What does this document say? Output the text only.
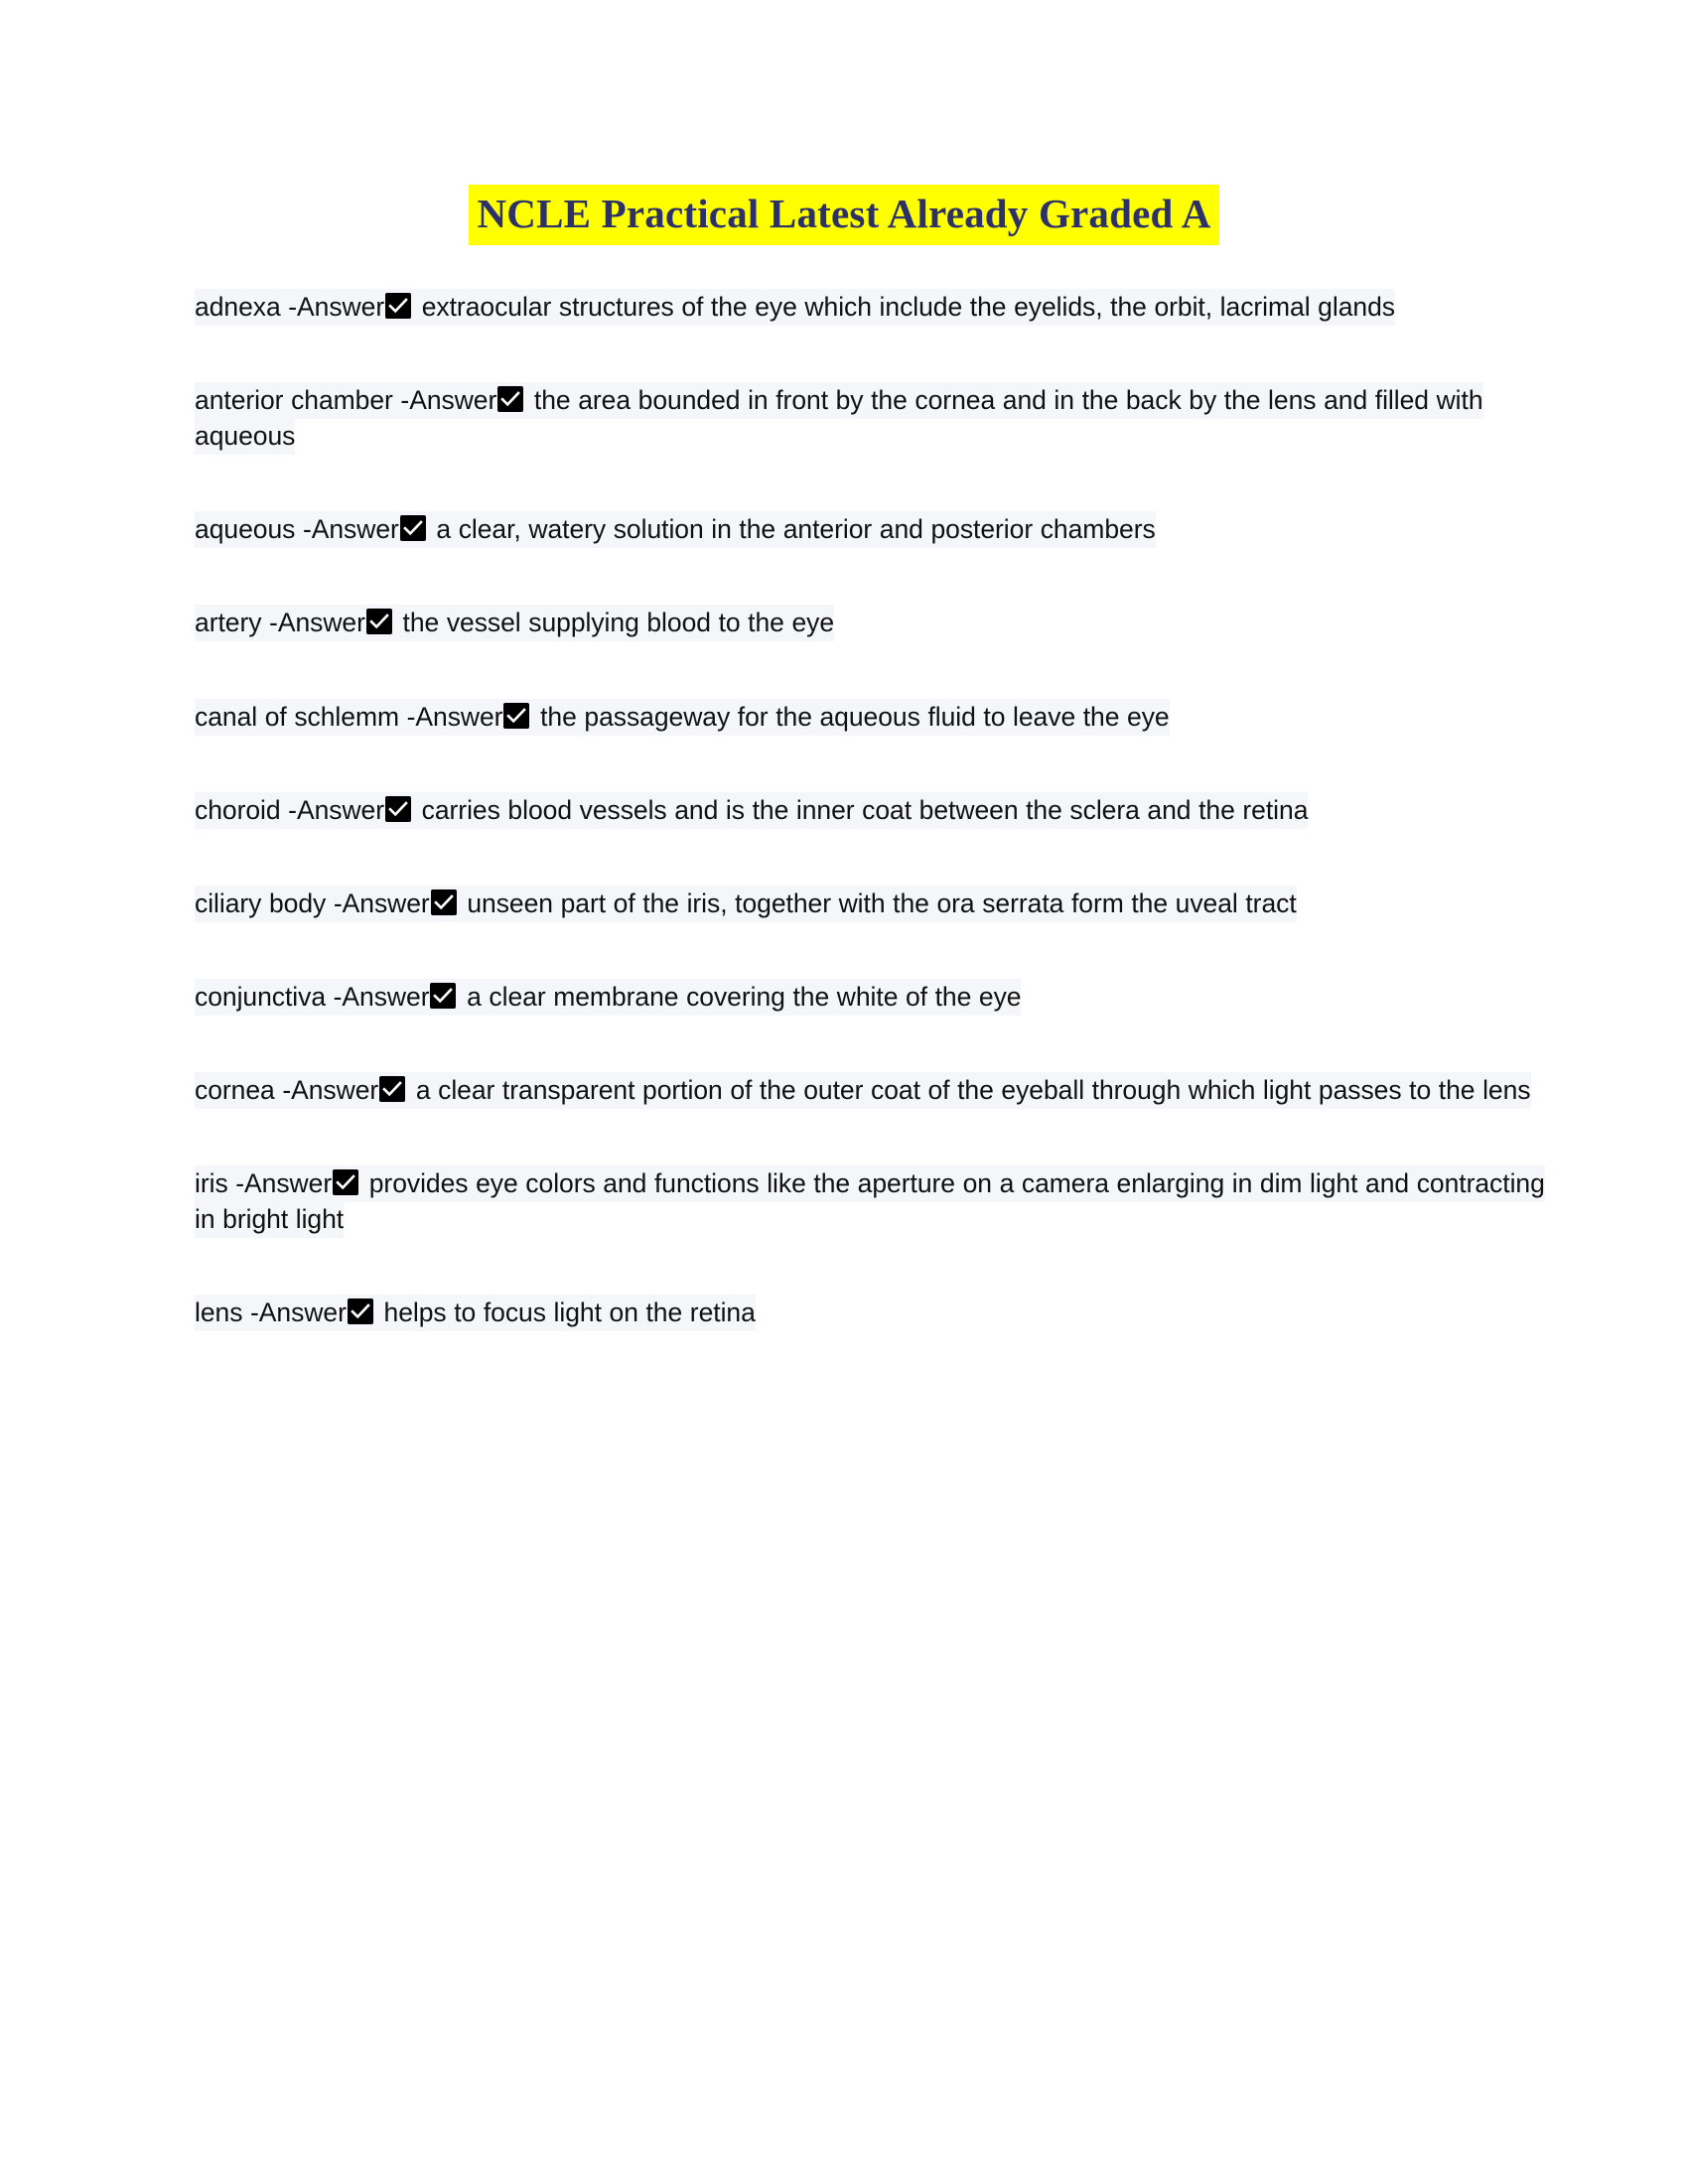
NCLE Practical Latest Already Graded A

adnexa -Answer extraocular structures of the eye which include the eyelids, the orbit, lacrimal glands

anterior chamber -Answer the area bounded in front by the cornea and in the back by the lens and filled with aqueous

aqueous -Answer a clear, watery solution in the anterior and posterior chambers

artery -Answer the vessel supplying blood to the eye

canal of schlemm -Answer the passageway for the aqueous fluid to leave the eye

choroid -Answer carries blood vessels and is the inner coat between the sclera and the retina

ciliary body -Answer unseen part of the iris, together with the ora serrata form the uveal tract

conjunctiva -Answer a clear membrane covering the white of the eye

cornea -Answer a clear transparent portion of the outer coat of the eyeball through which light passes to the lens

iris -Answer provides eye colors and functions like the aperture on a camera enlarging in dim light and contracting in bright light

lens -Answer helps to focus light on the retina
